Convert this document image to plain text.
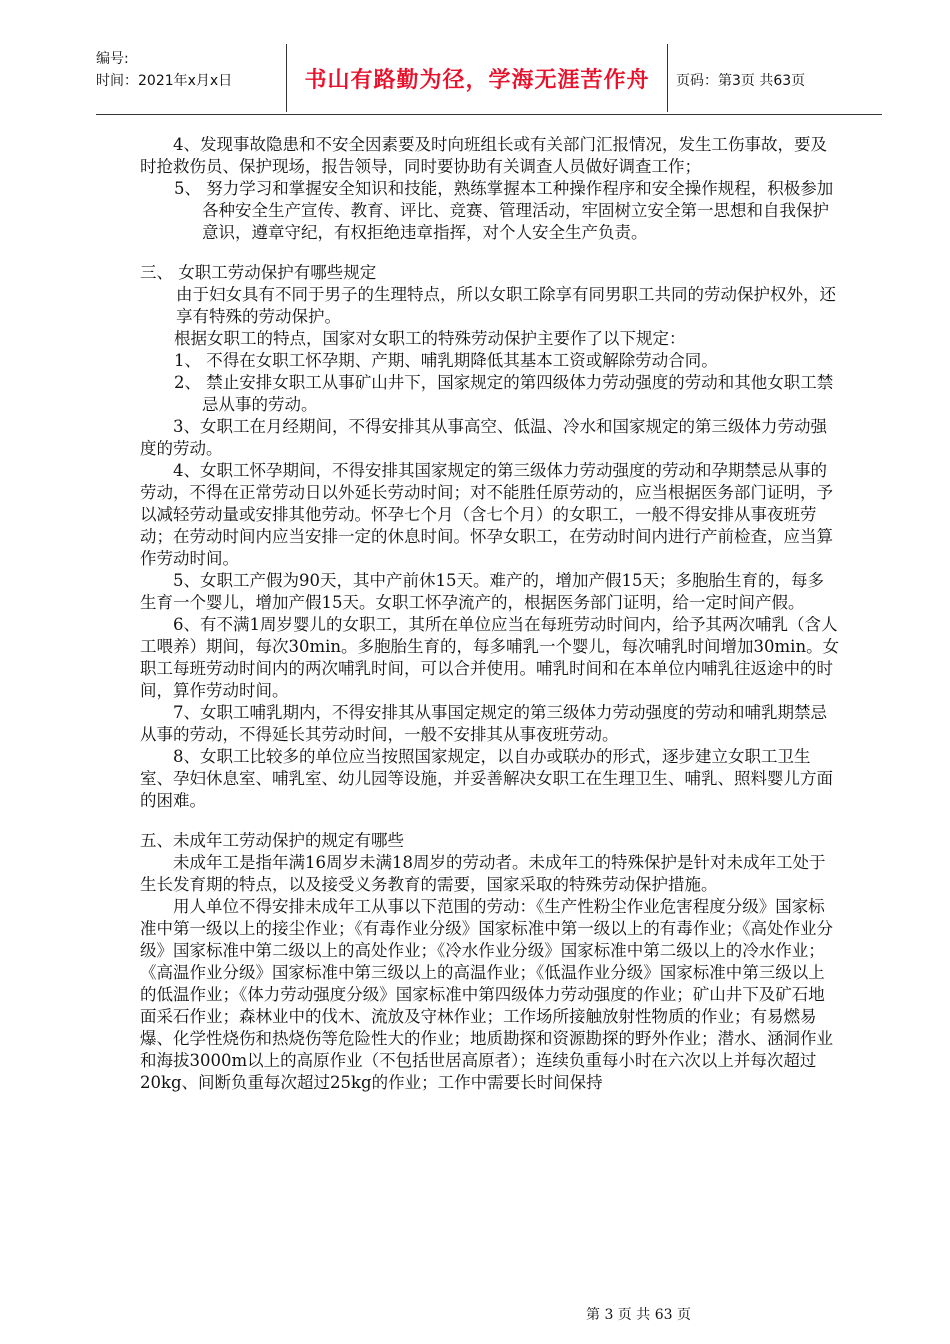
编号:
时间：2021年x月x日	书山有路勤为径，学海无涯苦作舟	页码：第3页 共63页

4、发现事故隐患和不安全因素要及时向班组长或有关部门汇报情况，发生工伤事故，要及时抢救伤员、保护现场，报告领导，同时要协助有关调查人员做好调查工作；

5、 努力学习和掌握安全知识和技能，熟练掌握本工种操作程序和安全操作规程，积极参加各种安全生产宣传、教育、评比、竞赛、管理活动，牢固树立安全第一思想和自我保护意识，遵章守纪，有权拒绝违章指挥，对个人安全生产负责。

三、 女职工劳动保护有哪些规定

由于妇女具有不同于男子的生理特点，所以女职工除享有同男职工共同的劳动保护权外，还享有特殊的劳动保护。

根据女职工的特点，国家对女职工的特殊劳动保护主要作了以下规定：

1、 不得在女职工怀孕期、产期、哺乳期降低其基本工资或解除劳动合同。

2、 禁止安排女职工从事矿山井下，国家规定的第四级体力劳动强度的劳动和其他女职工禁忌从事的劳动。

3、女职工在月经期间，不得安排其从事高空、低温、冷水和国家规定的第三级体力劳动强度的劳动。

4、女职工怀孕期间，不得安排其国家规定的第三级体力劳动强度的劳动和孕期禁忌从事的劳动，不得在正常劳动日以外延长劳动时间；对不能胜任原劳动的，应当根据医务部门证明，予以减轻劳动量或安排其他劳动。怀孕七个月（含七个月）的女职工，一般不得安排从事夜班劳动；在劳动时间内应当安排一定的休息时间。怀孕女职工，在劳动时间内进行产前检查，应当算作劳动时间。

5、女职工产假为90天，其中产前休15天。难产的，增加产假15天；多胞胎生育的，每多生育一个婴儿，增加产假15天。女职工怀孕流产的，根据医务部门证明，给一定时间产假。

6、有不满1周岁婴儿的女职工，其所在单位应当在每班劳动时间内，给予其两次哺乳（含人工喂养）期间，每次30min。多胞胎生育的，每多哺乳一个婴儿，每次哺乳时间增加30min。女职工每班劳动时间内的两次哺乳时间，可以合并使用。哺乳时间和在本单位内哺乳往返途中的时间，算作劳动时间。

7、女职工哺乳期内，不得安排其从事国定规定的第三级体力劳动强度的劳动和哺乳期禁忌从事的劳动，不得延长其劳动时间，一般不安排其从事夜班劳动。

8、女职工比较多的单位应当按照国家规定，以自办或联办的形式，逐步建立女职工卫生室、孕妇休息室、哺乳室、幼儿园等设施，并妥善解决女职工在生理卫生、哺乳、照料婴儿方面的困难。

五、未成年工劳动保护的规定有哪些

未成年工是指年满16周岁未满18周岁的劳动者。未成年工的特殊保护是针对未成年工处于生长发育期的特点，以及接受义务教育的需要，国家采取的特殊劳动保护措施。

用人单位不得安排未成年工从事以下范围的劳动：《生产性粉尘作业危害程度分级》国家标准中第一级以上的接尘作业；《有毒作业分级》国家标准中第一级以上的有毒作业；《高处作业分级》国家标准中第二级以上的高处作业；《冷水作业分级》国家标准中第二级以上的冷水作业；《高温作业分级》国家标准中第三级以上的高温作业；《低温作业分级》国家标准中第三级以上的低温作业；《体力劳动强度分级》国家标准中第四级体力劳动强度的作业；矿山井下及矿石地面采石作业；森林业中的伐木、流放及守林作业；工作场所接触放射性物质的作业；有易燃易爆、化学性烧伤和热烧伤等危险性大的作业；地质勘探和资源勘探的野外作业；潜水、涵洞作业和海拔3000m以上的高原作业（不包括世居高原者）；连续负重每小时在六次以上并每次超过20kg、间断负重每次超过25kg的作业；工作中需要长时间保持

第 3 页 共 63 页
